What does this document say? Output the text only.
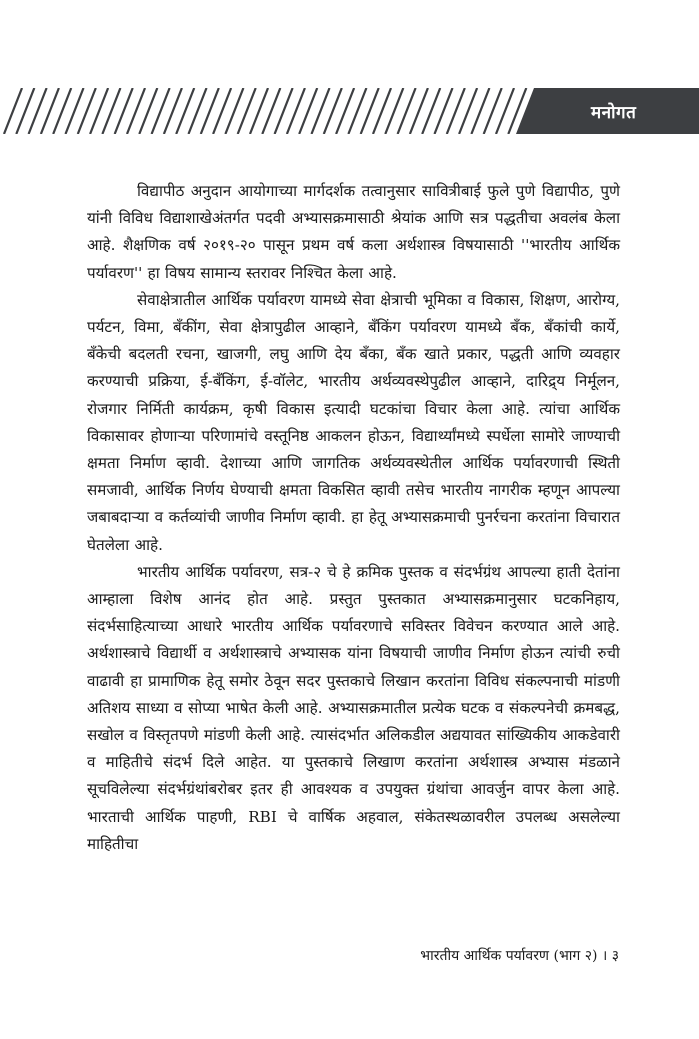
मनोगत

विद्यापीठ अनुदान आयोगाच्या मार्गदर्शक तत्वानुसार सावित्रीबाई फुले पुणे विद्यापीठ, पुणे यांनी विविध विद्याशाखेअंतर्गत पदवी अभ्यासक्रमासाठी श्रेयांक आणि सत्र पद्धतीचा अवलंब केला आहे. शैक्षणिक वर्ष २०१९-२० पासून प्रथम वर्ष कला अर्थशास्त्र विषयासाठी ''भारतीय आर्थिक पर्यावरण'' हा विषय सामान्य स्तरावर निश्चित केला आहे.

सेवाक्षेत्रातील आर्थिक पर्यावरण यामध्ये सेवा क्षेत्राची भूमिका व विकास, शिक्षण, आरोग्य, पर्यटन, विमा, बँकींग, सेवा क्षेत्रापुढील आव्हाने, बँकिंग पर्यावरण यामध्ये बँक, बँकांची कार्ये, बँकेची बदलती रचना, खाजगी, लघु आणि देय बँका, बँक खाते प्रकार, पद्धती आणि व्यवहार करण्याची प्रक्रिया, ई-बँकिंग, ई-वॉलेट, भारतीय अर्थव्यवस्थेपुढील आव्हाने, दारिद्र्य निर्मूलन, रोजगार निर्मिती कार्यक्रम, कृषी विकास इत्यादी घटकांचा विचार केला आहे. त्यांचा आर्थिक विकासावर होणाऱ्या परिणामांचे वस्तूनिष्ठ आकलन होऊन, विद्यार्थ्यांमध्ये स्पर्धेला सामोरे जाण्याची क्षमता निर्माण व्हावी. देशाच्या आणि जागतिक अर्थव्यवस्थेतील आर्थिक पर्यावरणाची स्थिती समजावी, आर्थिक निर्णय घेण्याची क्षमता विकसित व्हावी तसेच भारतीय नागरीक म्हणून आपल्या जबाबदाऱ्या व कर्तव्यांची जाणीव निर्माण व्हावी. हा हेतू अभ्यासक्रमाची पुनर्रचना करतांना विचारात घेतलेला आहे.

भारतीय आर्थिक पर्यावरण, सत्र-२ चे हे क्रमिक पुस्तक व संदर्भग्रंथ आपल्या हाती देतांना आम्हाला विशेष आनंद होत आहे. प्रस्तुत पुस्तकात अभ्यासक्रमानुसार घटकनिहाय, संदर्भसाहित्याच्या आधारे भारतीय आर्थिक पर्यावरणाचे सविस्तर विवेचन करण्यात आले आहे. अर्थशास्त्राचे विद्यार्थी व अर्थशास्त्राचे अभ्यासक यांना विषयाची जाणीव निर्माण होऊन त्यांची रुची वाढावी हा प्रामाणिक हेतू समोर ठेवून सदर पुस्तकाचे लिखान करतांना विविध संकल्पनाची मांडणी अतिशय साध्या व सोप्या भाषेत केली आहे. अभ्यासक्रमातील प्रत्येक घटक व संकल्पनेची क्रमबद्ध, सखोल व विस्तृतपणे मांडणी केली आहे. त्यासंदर्भात अलिकडील अद्ययावत सांख्यिकीय आकडेवारी व माहितीचे संदर्भ दिले आहेत. या पुस्तकाचे लिखाण करतांना अर्थशास्त्र अभ्यास मंडळाने सूचविलेल्या संदर्भग्रंथांबरोबर इतर ही आवश्यक व उपयुक्त ग्रंथांचा आवर्जुन वापर केला आहे. भारताची आर्थिक पाहणी, RBI चे वार्षिक अहवाल, संकेतस्थळावरील उपलब्ध असलेल्या माहितीचा

भारतीय आर्थिक पर्यावरण (भाग २) । ३
